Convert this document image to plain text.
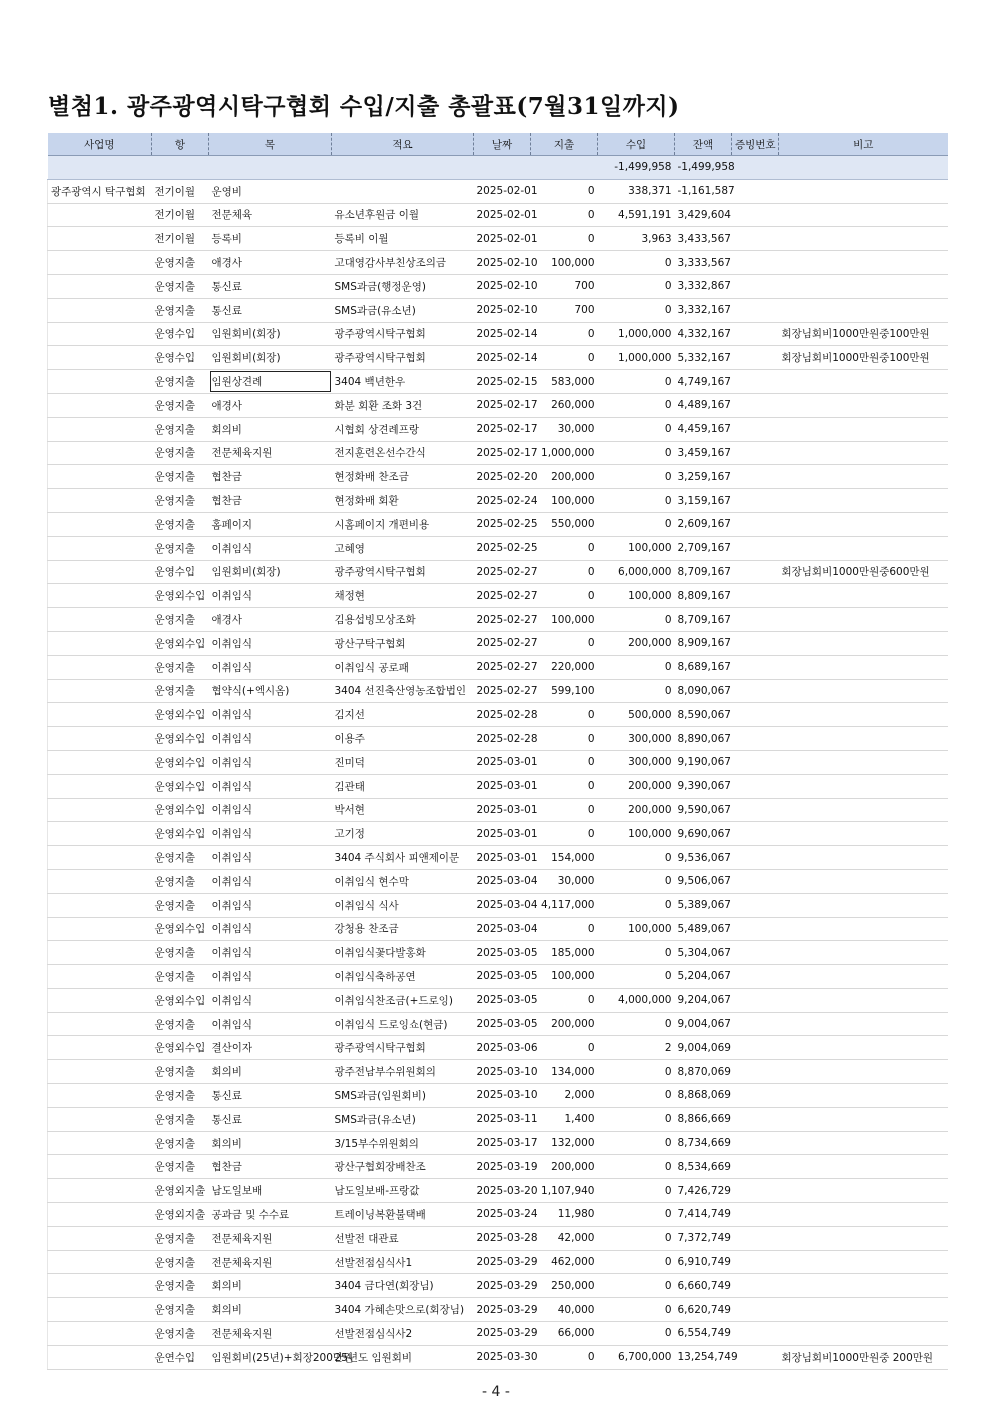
별첨1. 광주광역시탁구협회 수입/지출 총괄표(7월31일까지)
사업명	항	목	적요	날짜	지출	수입	잔액	증빙번호	비고
						-1,499,958	-1,499,958		
광주광역시 탁구협회	전기이월	운영비		2025-02-01	0	338,371	-1,161,587		
	전기이월	전문체육	유소년후원금 이월	2025-02-01	0	4,591,191	3,429,604		
	전기이월	등록비	등록비 이월	2025-02-01	0	3,963	3,433,567		
	운영지출	애경사	고대영감사부친상조의금	2025-02-10	100,000	0	3,333,567		
	운영지출	통신료	SMS과금(행정운영)	2025-02-10	700	0	3,332,867		
	운영지출	통신료	SMS과금(유소년)	2025-02-10	700	0	3,332,167		
	운영수입	임원회비(회장)	광주광역시탁구협회	2025-02-14	0	1,000,000	4,332,167		회장님회비1000만원중100만원
	운영수입	임원회비(회장)	광주광역시탁구협회	2025-02-14	0	1,000,000	5,332,167		회장님회비1000만원중100만원
	운영지출	임원상견례	3404 백년한우	2025-02-15	583,000	0	4,749,167		
	운영지출	애경사	화분 회환 조화 3건	2025-02-17	260,000	0	4,489,167		
	운영지출	회의비	시협회 상견례프랑	2025-02-17	30,000	0	4,459,167		
	운영지출	전문체육지원	전지훈련온선수간식	2025-02-17	1,000,000	0	3,459,167		
	운영지출	협찬금	현정화배 찬조금	2025-02-20	200,000	0	3,259,167		
	운영지출	협찬금	현정화배 회환	2025-02-24	100,000	0	3,159,167		
	운영지출	홈페이지	시홈페이지 개편비용	2025-02-25	550,000	0	2,609,167		
	운영지출	이취임식	고혜영	2025-02-25	0	100,000	2,709,167		
	운영수입	임원회비(회장)	광주광역시탁구협회	2025-02-27	0	6,000,000	8,709,167		회장님회비1000만원중600만원
	운영외수입	이취임식	채정현	2025-02-27	0	100,000	8,809,167		
	운영지출	애경사	김용섭빙모상조화	2025-02-27	100,000	0	8,709,167		
	운영외수입	이취임식	광산구탁구협회	2025-02-27	0	200,000	8,909,167		
	운영지출	이취임식	이취임식 공로패	2025-02-27	220,000	0	8,689,167		
	운영지출	협약식(+엑시옴)	3404 선진축산영농조합법인	2025-02-27	599,100	0	8,090,067		
	운영외수입	이취임식	김지선	2025-02-28	0	500,000	8,590,067		
	운영외수입	이취임식	이용주	2025-02-28	0	300,000	8,890,067		
	운영외수입	이취임식	진미덕	2025-03-01	0	300,000	9,190,067		
	운영외수입	이취임식	김관태	2025-03-01	0	200,000	9,390,067		
	운영외수입	이취임식	박서현	2025-03-01	0	200,000	9,590,067		
	운영외수입	이취임식	고기정	2025-03-01	0	100,000	9,690,067		
	운영지출	이취임식	3404 주식회사 피앤제이문	2025-03-01	154,000	0	9,536,067		
	운영지출	이취임식	이취임식 현수막	2025-03-04	30,000	0	9,506,067		
	운영지출	이취임식	이취임식 식사	2025-03-04	4,117,000	0	5,389,067		
	운영외수입	이취임식	강청용 찬조금	2025-03-04	0	100,000	5,489,067		
	운영지출	이취임식	이취임식꽃다발홍화	2025-03-05	185,000	0	5,304,067		
	운영지출	이취임식	이취임식축하공연	2025-03-05	100,000	0	5,204,067		
	운영외수입	이취임식	이취임식찬조금(+드로잉)	2025-03-05	0	4,000,000	9,204,067		
	운영지출	이취임식	이취임식 드로잉쇼(현금)	2025-03-05	200,000	0	9,004,067		
	운영외수입	결산이자	광주광역시탁구협회	2025-03-06	0	2	9,004,069		
	운영지출	회의비	광주전남부수위원회의	2025-03-10	134,000	0	8,870,069		
	운영지출	통신료	SMS과금(임원회비)	2025-03-10	2,000	0	8,868,069		
	운영지출	통신료	SMS과금(유소년)	2025-03-11	1,400	0	8,866,669		
	운영지출	회의비	3/15부수위원회의	2025-03-17	132,000	0	8,734,669		
	운영지출	협찬금	광산구협회장배찬조	2025-03-19	200,000	0	8,534,669		
	운영외지출	남도일보배	남도일보배-프랑값	2025-03-20	1,107,940	0	7,426,729		
	운영외지출	공과금 및 수수료	트레이닝복환불택배	2025-03-24	11,980	0	7,414,749		
	운영지출	전문체육지원	선발전 대관료	2025-03-28	42,000	0	7,372,749		
	운영지출	전문체육지원	선발전점심식사1	2025-03-29	462,000	0	6,910,749		
	운영지출	회의비	3404 금다연(회장님)	2025-03-29	250,000	0	6,660,749		
	운영지출	회의비	3404 가혜손맛으로(회장님)	2025-03-29	40,000	0	6,620,749		
	운영지출	전문체육지원	선발전점심식사2	2025-03-29	66,000	0	6,554,749		
	운연수입	임원회비(25년)+회장200만원	25년도 임원회비	2025-03-30	0	6,700,000	13,254,749		회장님회비1000만원중 200만원
- 4 -
